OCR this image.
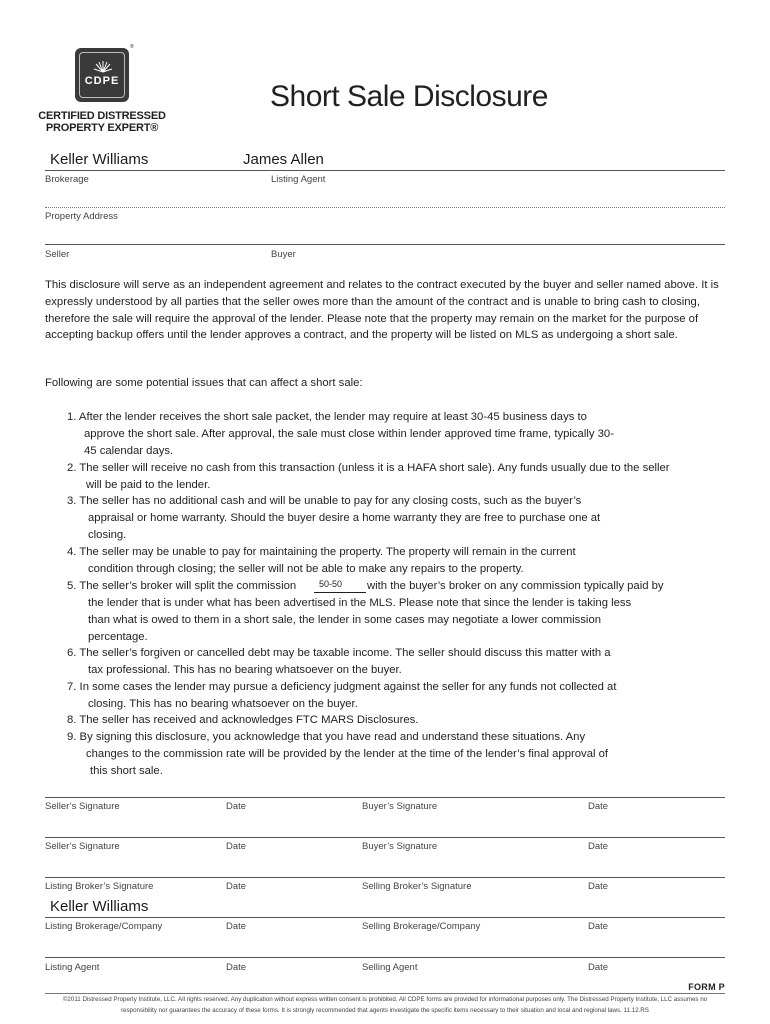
CDPE
®
CERTIFIED DISTRESSED
PROPERTY EXPERT®
Short Sale Disclosure
Keller Williams	James Allen
Brokerage	Listing Agent
Property Address
Seller	Buyer
This disclosure will serve as an independent agreement and relates to the contract executed by the buyer and seller named above. It is expressly understood by all parties that the seller owes more than the amount of the contract and is unable to bring cash to closing, therefore the sale will require the approval of the lender. Please note that the property may remain on the market for the purpose of accepting backup offers until the lender approves a contract, and the property will be listed on MLS as undergoing a short sale.
Following are some potential issues that can affect a short sale:
1. After the lender receives the short sale packet, the lender may require at least 30-45 business days to
approve the short sale. After approval, the sale must close within lender approved time frame, typically 30-
45 calendar days.
2. The seller will receive no cash from this transaction (unless it is a HAFA short sale). Any funds usually due to the seller
will be paid to the lender.
3. The seller has no additional cash and will be unable to pay for any closing costs, such as the buyer’s
appraisal or home warranty. Should the buyer desire a home warranty they are free to purchase one at
closing.
4. The seller may be unable to pay for maintaining the property. The property will remain in the current
condition through closing; the seller will not be able to make any repairs to the property.
5. The seller’s broker will split the commission	50-50 with the buyer’s broker on any commission typically paid by
the lender that is under what has been advertised in the MLS. Please note that since the lender is taking less
than what is owed to them in a short sale, the lender in some cases may negotiate a lower commission
percentage.
6. The seller’s forgiven or cancelled debt may be taxable income. The seller should discuss this matter with a
tax professional. This has no bearing whatsoever on the buyer.
7. In some cases the lender may pursue a deficiency judgment against the seller for any funds not collected at
closing. This has no bearing whatsoever on the buyer.
8. The seller has received and acknowledges FTC MARS Disclosures.
9. By signing this disclosure, you acknowledge that you have read and understand these situations. Any
changes to the commission rate will be provided by the lender at the time of the lender’s final approval of
this short sale.
Seller’s Signature	Date	Buyer’s Signature	Date
Seller’s Signature	Date	Buyer’s Signature	Date
Listing Broker’s Signature	Date	Selling Broker’s Signature	Date
Keller Williams
Listing Brokerage/Company	Date	Selling Brokerage/Company	Date
Listing Agent	Date	Selling Agent	Date
FORM P
©2011 Distressed Property Institute, LLC. All rights reserved. Any duplication without express written consent is prohibited. All CDPE forms are provided for informational purposes only. The Distressed Property Institute, LLC assumes no
responsibility nor guarantees the accuracy of these forms. It is strongly recommended that agents investigate the specific items necessary to their situation and local and regional laws. 11.12.RS
